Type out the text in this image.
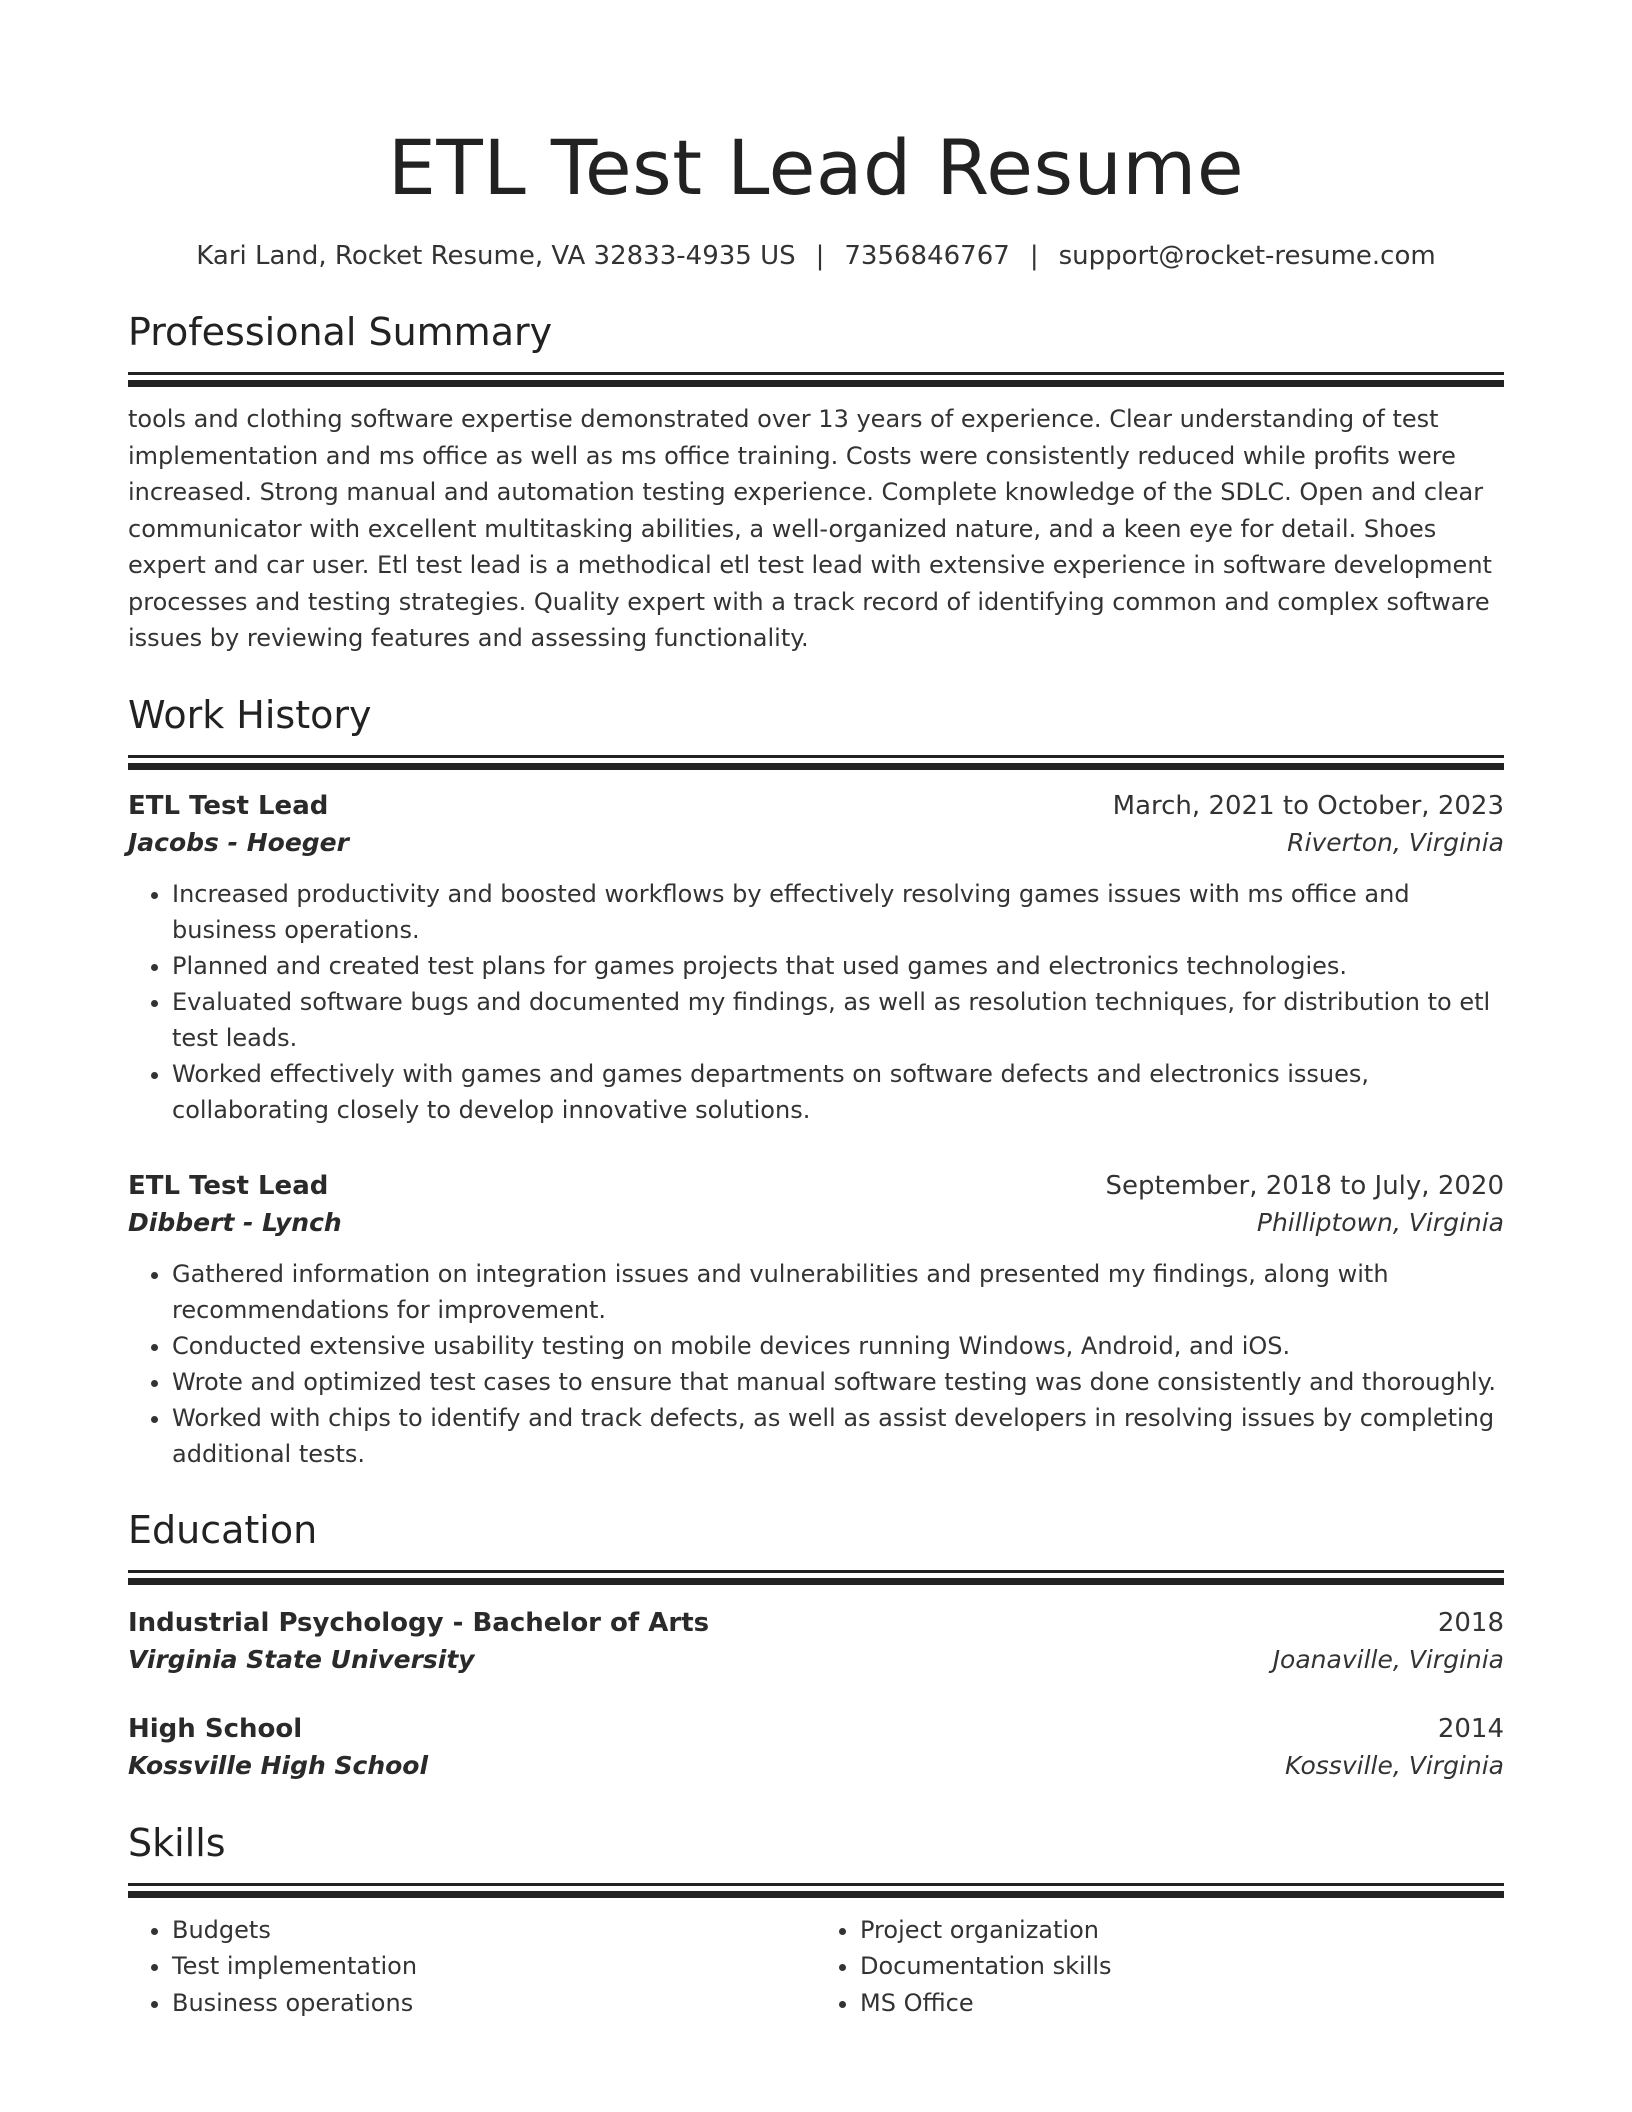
ETL Test Lead Resume
Kari Land, Rocket Resume, VA 32833-4935 US | 7356846767 | support@rocket-resume.com
Professional Summary
tools and clothing software expertise demonstrated over 13 years of experience. Clear understanding of test implementation and ms office as well as ms office training. Costs were consistently reduced while profits were increased. Strong manual and automation testing experience. Complete knowledge of the SDLC. Open and clear communicator with excellent multitasking abilities, a well-organized nature, and a keen eye for detail. Shoes expert and car user. Etl test lead is a methodical etl test lead with extensive experience in software development processes and testing strategies. Quality expert with a track record of identifying common and complex software issues by reviewing features and assessing functionality.
Work History
ETL Test Lead	March, 2021 to October, 2023
Jacobs - Hoeger	Riverton, Virginia
• Increased productivity and boosted workflows by effectively resolving games issues with ms office and business operations.
• Planned and created test plans for games projects that used games and electronics technologies.
• Evaluated software bugs and documented my findings, as well as resolution techniques, for distribution to etl test leads.
• Worked effectively with games and games departments on software defects and electronics issues, collaborating closely to develop innovative solutions.
ETL Test Lead	September, 2018 to July, 2020
Dibbert - Lynch	Philliptown, Virginia
• Gathered information on integration issues and vulnerabilities and presented my findings, along with recommendations for improvement.
• Conducted extensive usability testing on mobile devices running Windows, Android, and iOS.
• Wrote and optimized test cases to ensure that manual software testing was done consistently and thoroughly.
• Worked with chips to identify and track defects, as well as assist developers in resolving issues by completing additional tests.
Education
Industrial Psychology - Bachelor of Arts	2018
Virginia State University	Joanaville, Virginia
High School	2014
Kossville High School	Kossville, Virginia
Skills
• Budgets
• Test implementation
• Business operations
• Project organization
• Documentation skills
• MS Office
